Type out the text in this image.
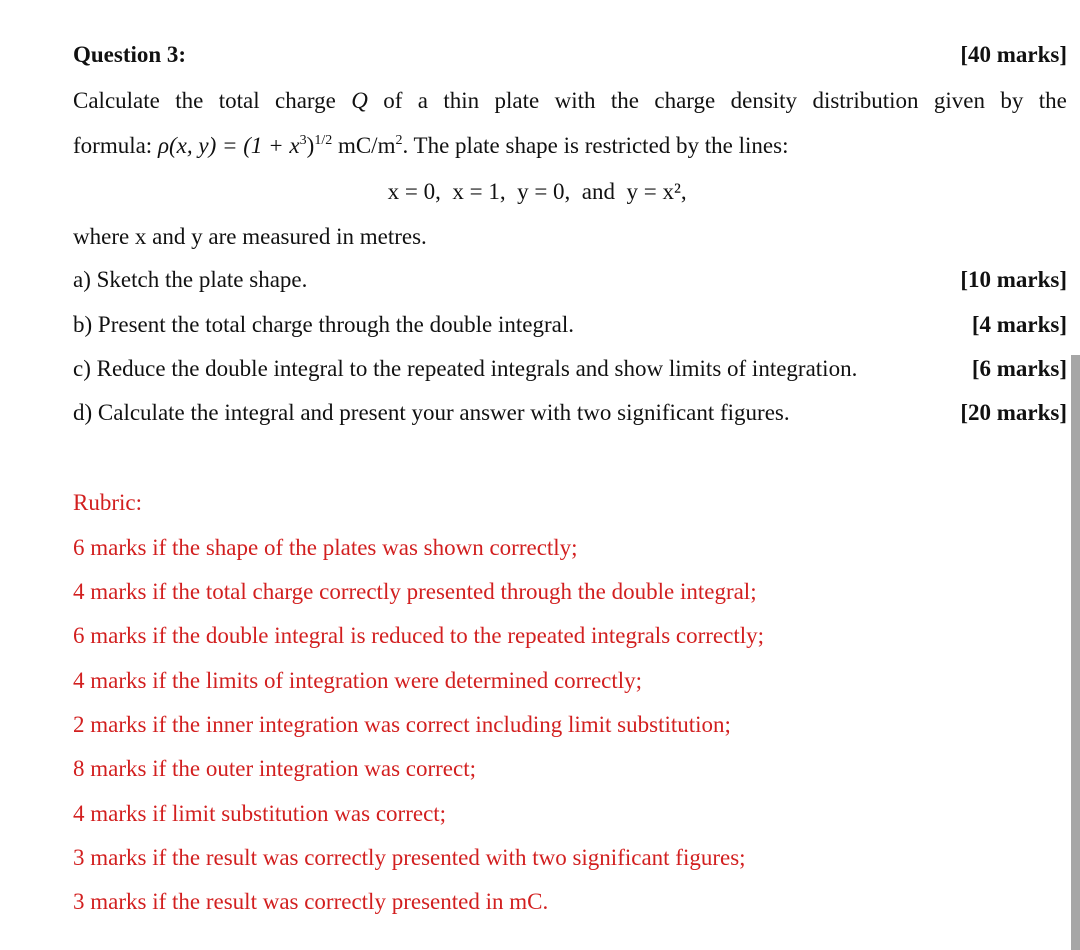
Question 3:	[40 marks]
Calculate the total charge Q of a thin plate with the charge density distribution given by the
formula: ρ(x, $y) = (1 + x^3)^{1/2}$ $mC/m^2$. The plate shape is restricted by the lines:
x = 0,  x = 1,  y = 0,  and  y = x²,
where x and y are measured in metres.
a) Sketch the plate shape.	[10 marks]
b) Present the total charge through the double integral.	[4 marks]
c) Reduce the double integral to the repeated integrals and show limits of integration.	[6 marks]
d) Calculate the integral and present your answer with two significant figures.	[20 marks]
Rubric:
6 marks if the shape of the plates was shown correctly;
4 marks if the total charge correctly presented through the double integral;
6 marks if the double integral is reduced to the repeated integrals correctly;
4 marks if the limits of integration were determined correctly;
2 marks if the inner integration was correct including limit substitution;
8 marks if the outer integration was correct;
4 marks if limit substitution was correct;
3 marks if the result was correctly presented with two significant figures;
3 marks if the result was correctly presented in mC.
